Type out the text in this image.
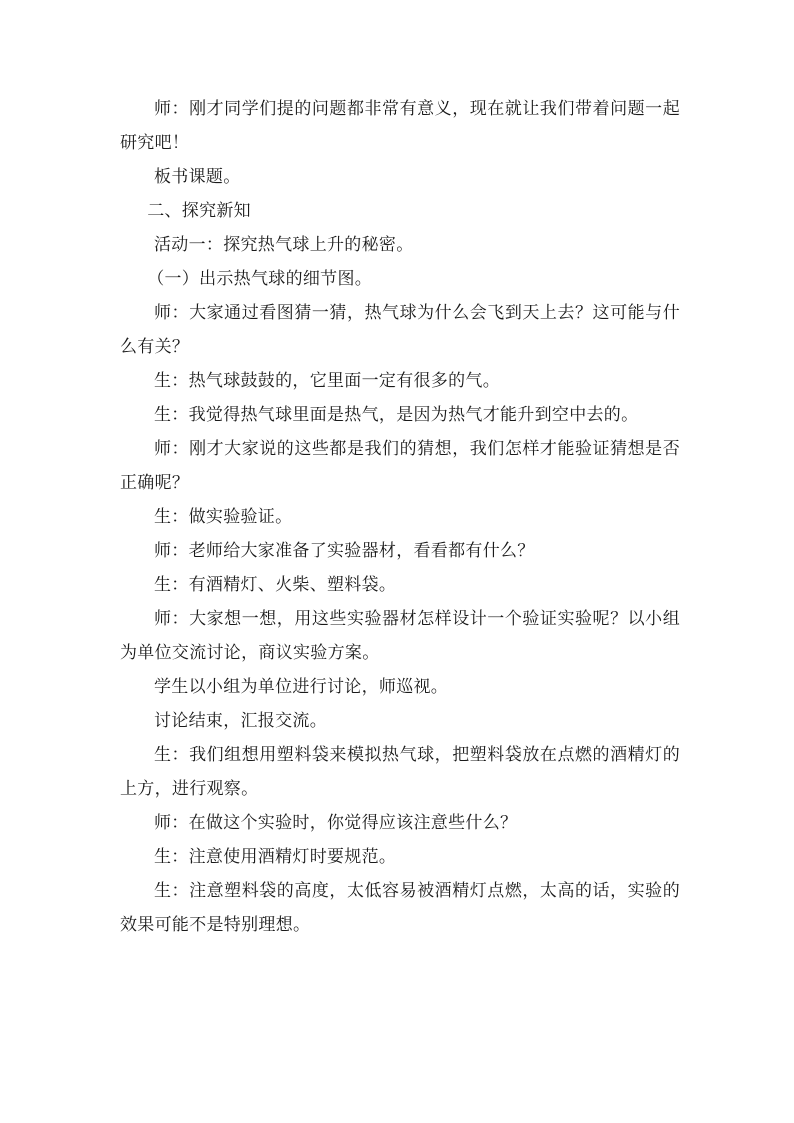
师：刚才同学们提的问题都非常有意义，现在就让我们带着问题一起研究吧！

板书课题。

二、探究新知

活动一：探究热气球上升的秘密。

（一）出示热气球的细节图。

师：大家通过看图猜一猜，热气球为什么会飞到天上去？这可能与什么有关？

生：热气球鼓鼓的，它里面一定有很多的气。

生：我觉得热气球里面是热气，是因为热气才能升到空中去的。

师：刚才大家说的这些都是我们的猜想，我们怎样才能验证猜想是否正确呢？

生：做实验验证。

师：老师给大家准备了实验器材，看看都有什么？

生：有酒精灯、火柴、塑料袋。

师：大家想一想，用这些实验器材怎样设计一个验证实验呢？以小组为单位交流讨论，商议实验方案。

学生以小组为单位进行讨论，师巡视。

讨论结束，汇报交流。

生：我们组想用塑料袋来模拟热气球，把塑料袋放在点燃的酒精灯的上方，进行观察。

师：在做这个实验时，你觉得应该注意些什么？

生：注意使用酒精灯时要规范。

生：注意塑料袋的高度，太低容易被酒精灯点燃，太高的话，实验的效果可能不是特别理想。
